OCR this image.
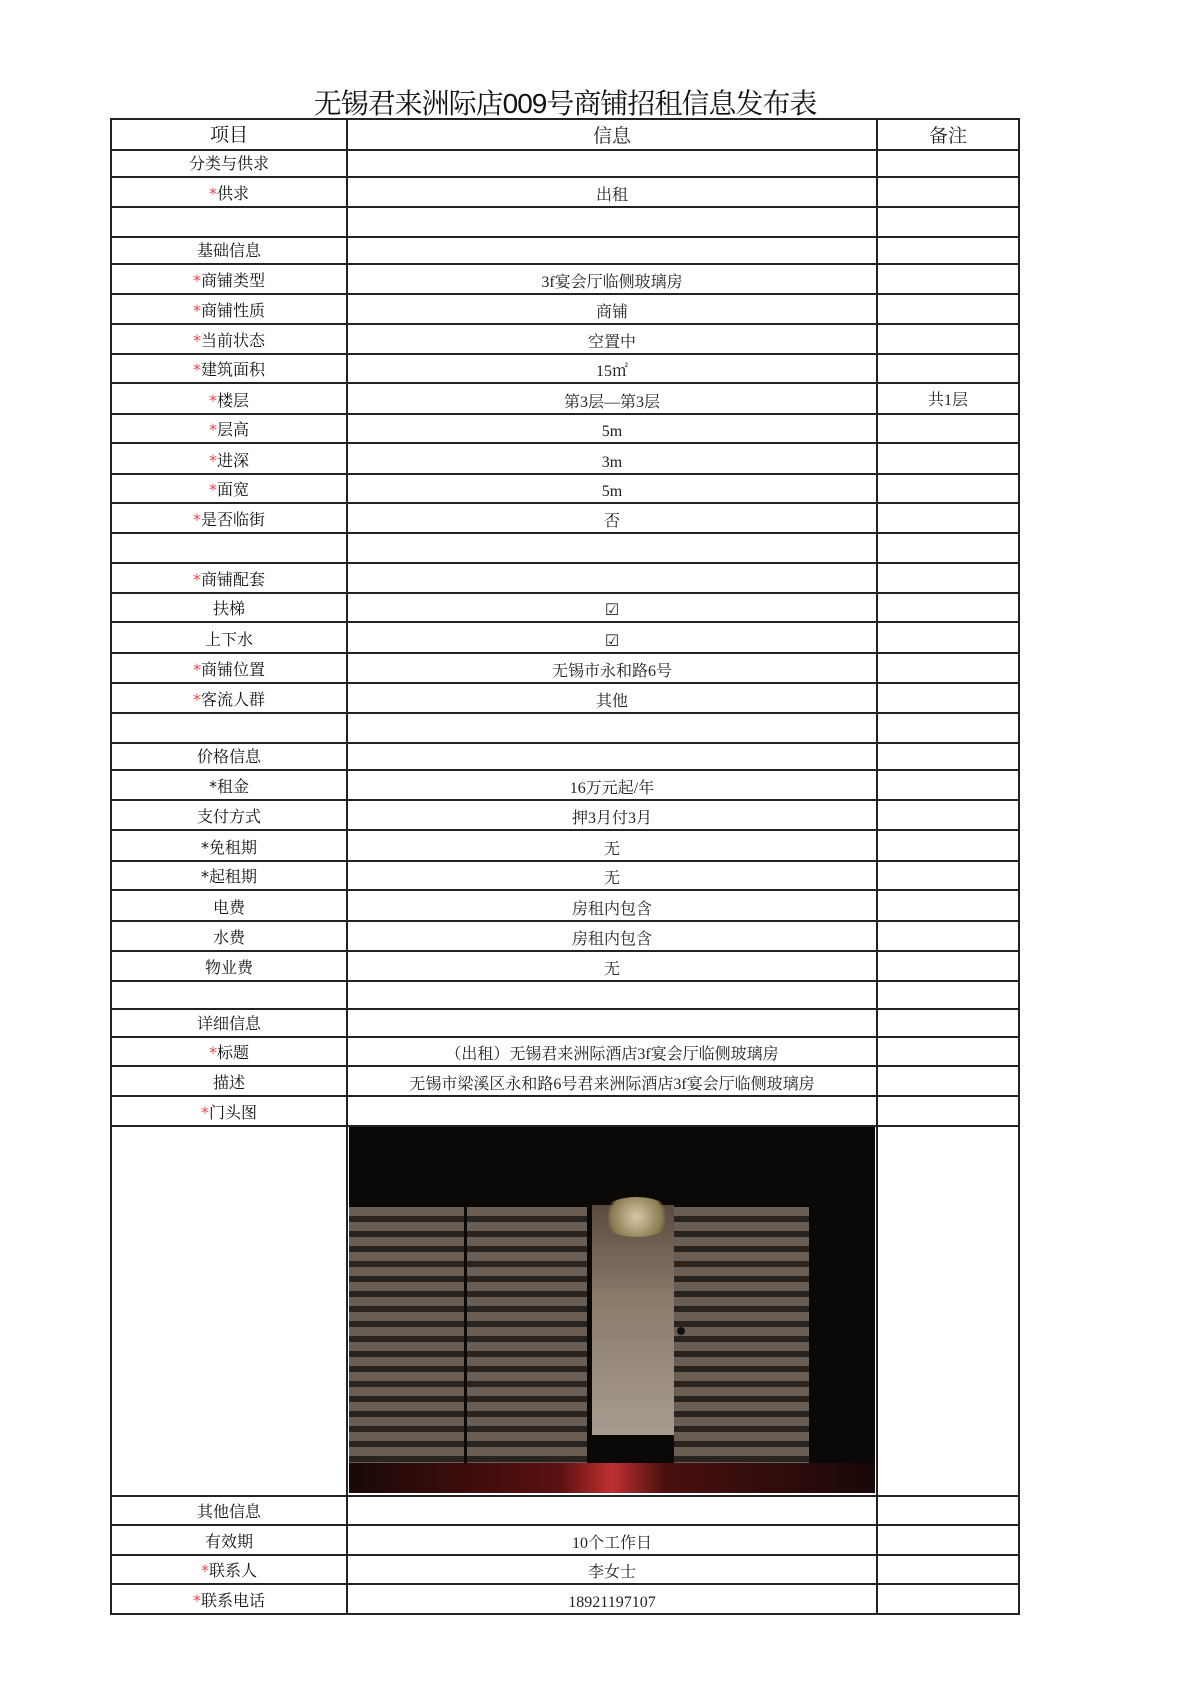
无锡君来洲际店009号商铺招租信息发布表
项目	信息	备注
分类与供求		
*供求	出租	

基础信息		
*商铺类型	3f宴会厅临侧玻璃房	
*商铺性质	商铺	
*当前状态	空置中	
*建筑面积	15㎡	
*楼层	第3层—第3层	共1层
*层高	5m	
*进深	3m	
*面宽	5m	
*是否临街	否	

*商铺配套		
扶梯	☑	
上下水	☑	
*商铺位置	无锡市永和路6号	
*客流人群	其他	

价格信息		
*租金	16万元起/年	
支付方式	押3月付3月	
*免租期	无	
*起租期	无	
电费	房租内包含	
水费	房租内包含	
物业费	无	

详细信息		
*标题	（出租）无锡君来洲际酒店3f宴会厅临侧玻璃房	
描述	无锡市梁溪区永和路6号君来洲际酒店3f宴会厅临侧玻璃房	
*门头图		

其他信息		
有效期	10个工作日	
*联系人	李女士	
*联系电话	18921197107	
